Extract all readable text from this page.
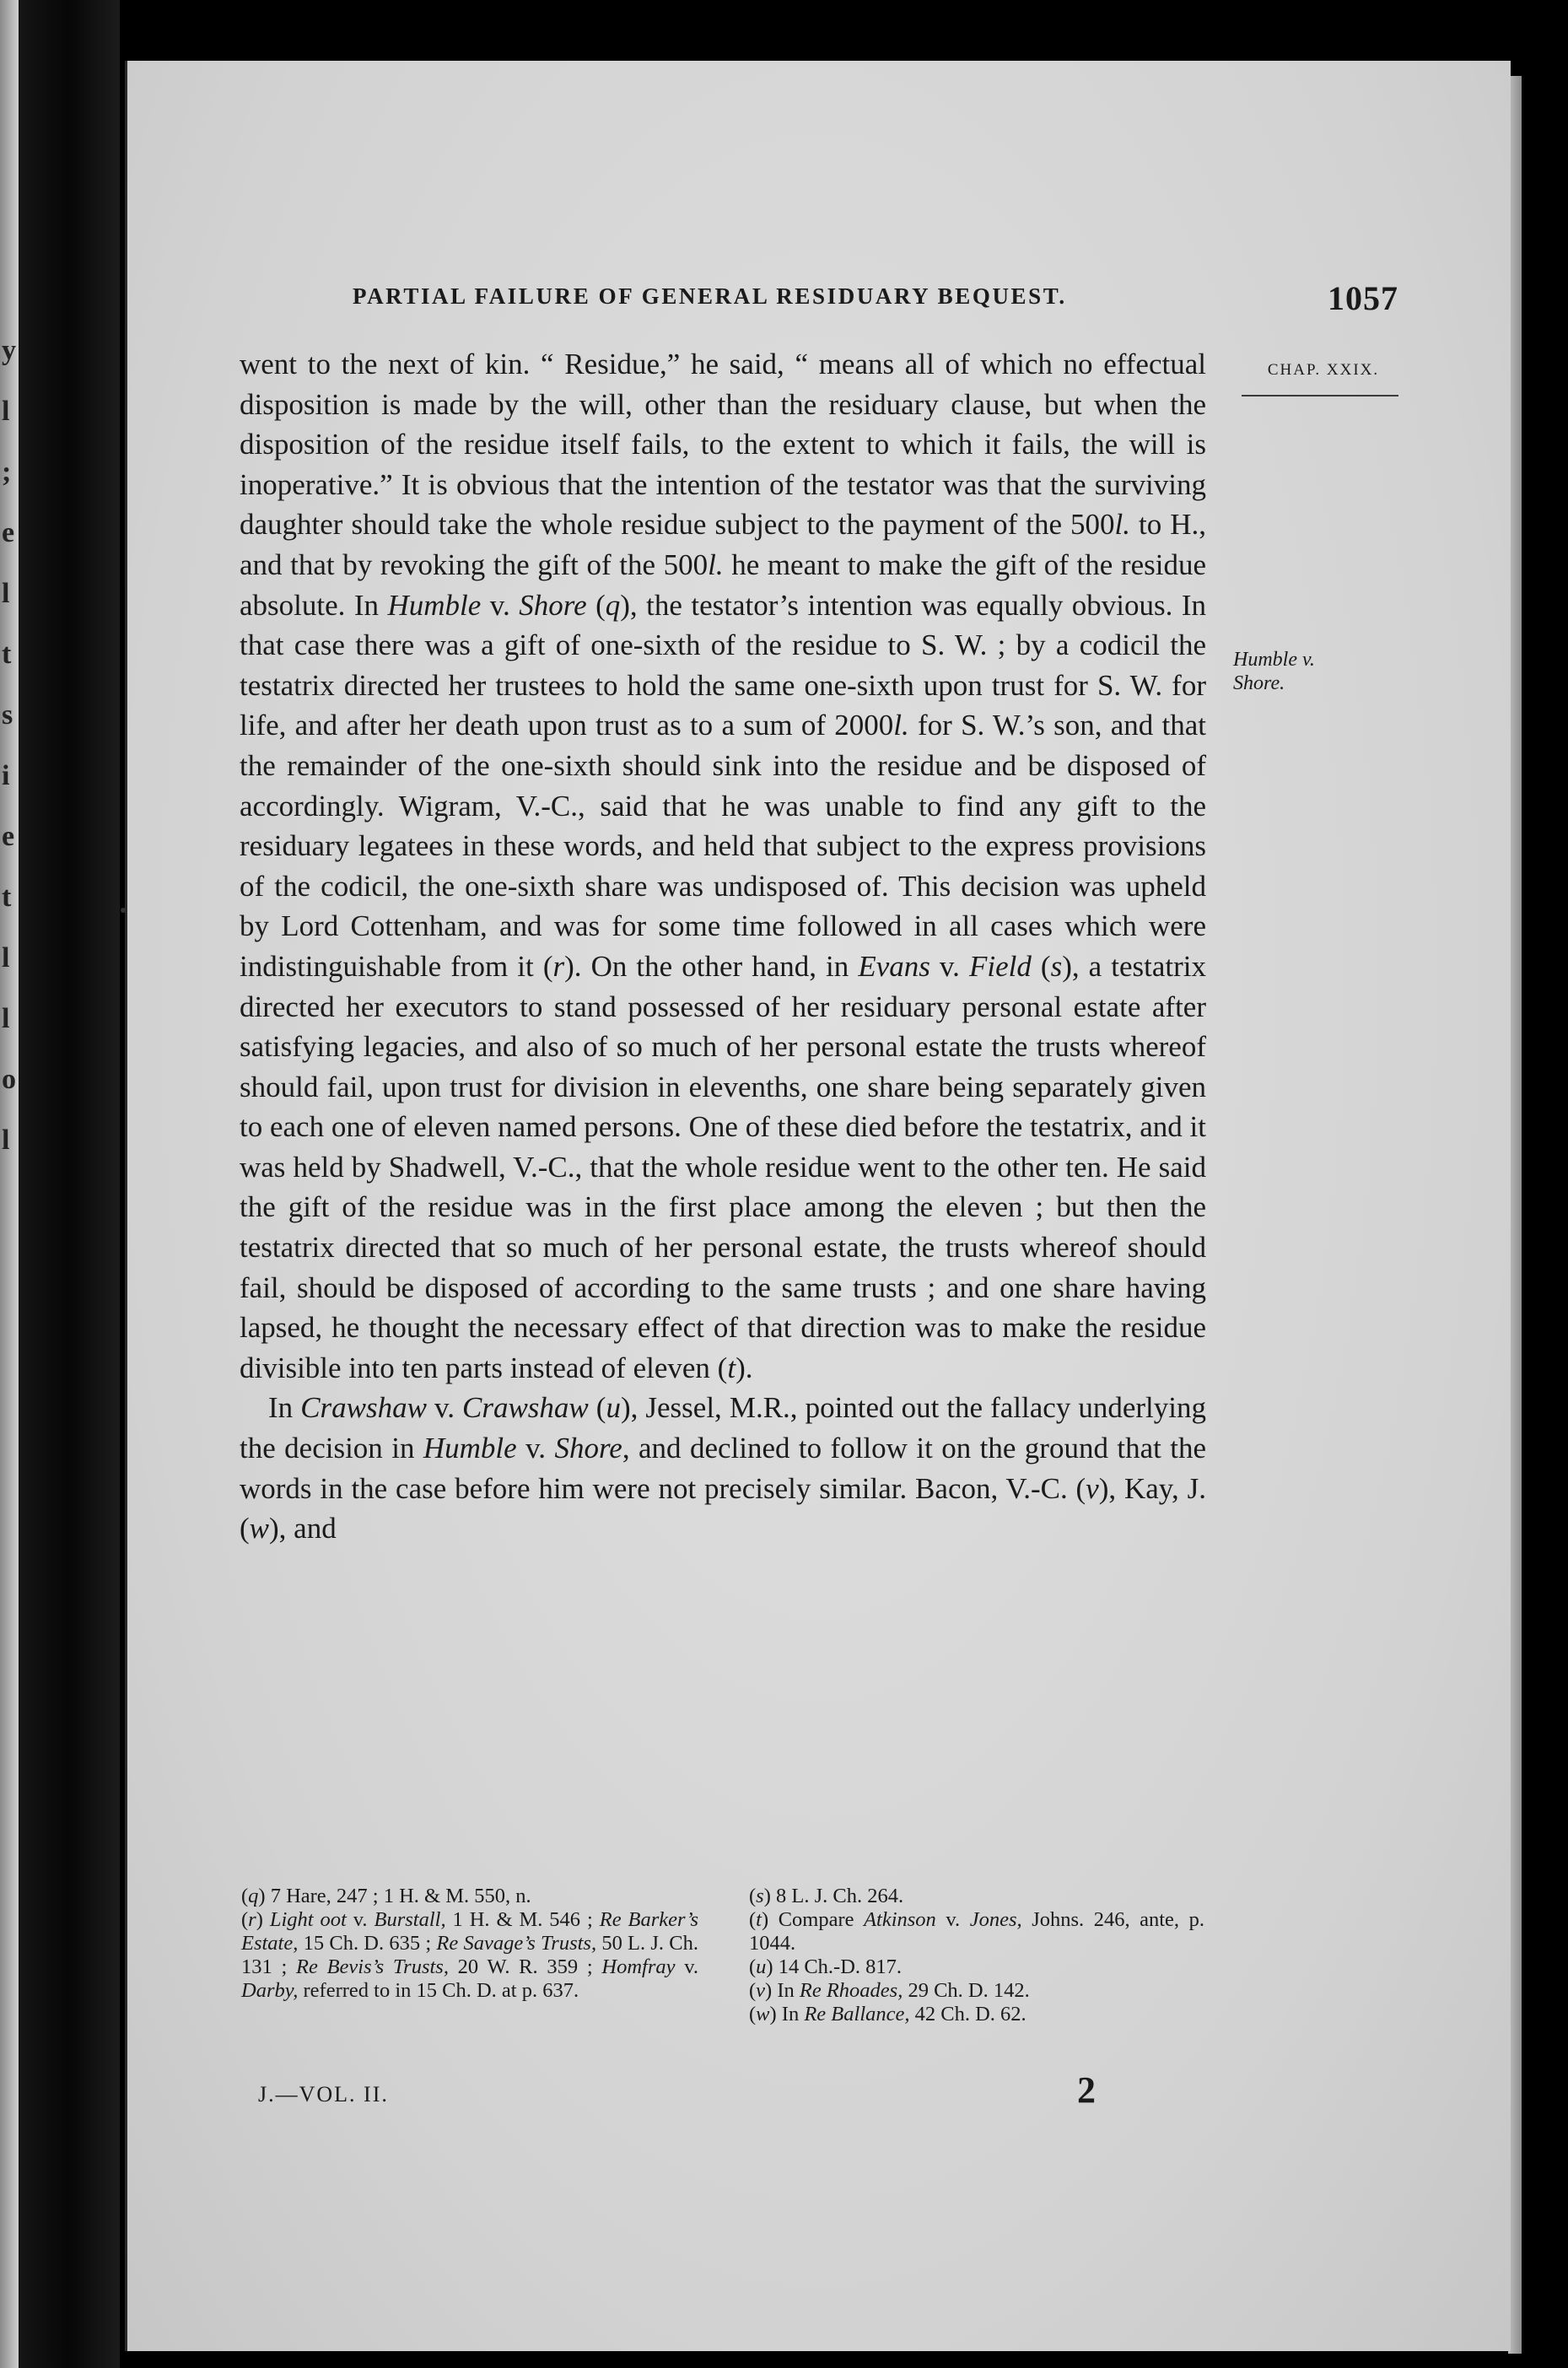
y
l
;
e
l
t
s
i
e
t
l
l
o
l
PARTIAL FAILURE OF GENERAL RESIDUARY BEQUEST.	1057
CHAP. XXIX.
Humble v.
Shore.

went to the next of kin. “ Residue,” he said, “ means all of which no effectual disposition is made by the will, other than the residuary clause, but when the disposition of the residue itself fails, to the extent to which it fails, the will is inoperative.” It is obvious that the intention of the testator was that the surviving daughter should take the whole residue subject to the payment of the 500l. to H., and that by revoking the gift of the 500l. he meant to make the gift of the residue absolute. In Humble v. Shore (q), the testator’s intention was equally obvious. In that case there was a gift of one-sixth of the residue to S. W. ; by a codicil the testatrix directed her trustees to hold the same one-sixth upon trust for S. W. for life, and after her death upon trust as to a sum of 2000l. for S. W.’s son, and that the remainder of the one-sixth should sink into the residue and be disposed of accordingly. Wigram, V.-C., said that he was unable to find any gift to the residuary legatees in these words, and held that subject to the express provisions of the codicil, the one-sixth share was undisposed of. This decision was upheld by Lord Cottenham, and was for some time followed in all cases which were indistinguishable from it (r). On the other hand, in Evans v. Field (s), a testatrix directed her executors to stand possessed of her residuary personal estate after satisfying legacies, and also of so much of her personal estate the trusts whereof should fail, upon trust for division in elevenths, one share being separately given to each one of eleven named persons. One of these died before the testatrix, and it was held by Shadwell, V.-C., that the whole residue went to the other ten. He said the gift of the residue was in the first place among the eleven ; but then the testatrix directed that so much of her personal estate, the trusts whereof should fail, should be disposed of according to the same trusts ; and one share having lapsed, he thought the necessary effect of that direction was to make the residue divisible into ten parts instead of eleven (t).

In Crawshaw v. Crawshaw (u), Jessel, M.R., pointed out the fallacy underlying the decision in Humble v. Shore, and declined to follow it on the ground that the words in the case before him were not precisely similar. Bacon, V.-C. (v), Kay, J. (w), and

(q) 7 Hare, 247 ; 1 H. & M. 550, n.

(r) Light oot v. Burstall, 1 H. & M. 546 ; Re Barker’s Estate, 15 Ch. D. 635 ; Re Savage’s Trusts, 50 L. J. Ch. 131 ; Re Bevis’s Trusts, 20 W. R. 359 ; Homfray v. Darby, referred to in 15 Ch. D. at p. 637.

(s) 8 L. J. Ch. 264.

(t) Compare Atkinson v. Jones, Johns. 246, ante, p. 1044.

(u) 14 Ch.-D. 817.

(v) In Re Rhoades, 29 Ch. D. 142.

(w) In Re Ballance, 42 Ch. D. 62.

J.—VOL. II.	2
